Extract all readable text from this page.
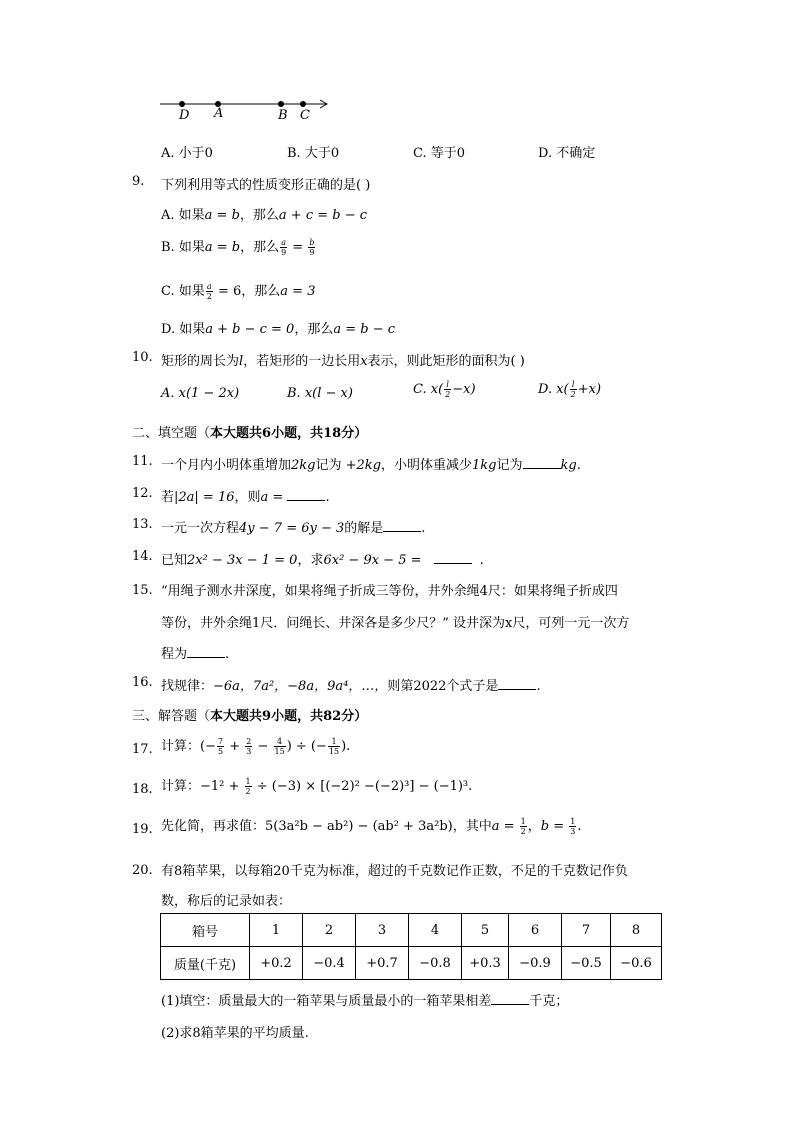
D A	B C
A. 小于0	B. 大于0	C. 等于0	D. 不确定
9.	下列利用等式的性质变形正确的是( )
A. 如果a = b，那么a + c = b − c
B. 如果a = b，那么 $\frac{a}{9} = \frac{b}{9}$
C. 如果 $\frac{a}{2} = 6$，那么a = 3
D. 如果a + b − c = 0，那么a = b − c
10. 矩形的周长为l，若矩形的一边长用x表示，则此矩形的面积为( )
A. x(1 − 2x)	B. x(l − x)	C. $x( \frac{l}{2} -x)$	D. $x( \frac{l}{2} +x)$
二、填空题（本大题共6小题，共18分）
11. 一个月内小明体重增加2kg记为 +2kg，小明体重减少1kg记为	kg.
12. 若|2a| = 16，则a =	.
13. 一元一次方程4y − 7 = 6y − 3的解是	.
14. 已知2x² − 3x − 1 = 0，求6x² − 9x − 5 =	.
15. “用绳子测水井深度，如果将绳子折成三等份，井外余绳4尺：如果将绳子折成四
等份，井外余绳1尺．问绳长、井深各是多少尺？” 设井深为x尺，可列一元一次方
程为	.
16. 找规律：−6a，7a²，−8a，9a⁴，…，则第2022个式子是	.
三、解答题（本大题共9小题，共82分）
17. 计算：(− $\frac{7}{5} + \frac{2}{3} - \frac{4}{15}$ ) ÷ (− $\frac{1}{15}$ ).
18. 计算：$-1^2 + \frac{1}{2} \div (-3) \times [(-2)^2 -(-2)^3] - (-1)^3$.
19. 先化简，再求值：5(3a²b − ab²) − (ab² + 3a²b)，其中$a = \frac{1}{2}$ ，$b = \frac{1}{3}$ .
20. 有8箱苹果，以每箱20千克为标准，超过的千克数记作正数，不足的千克数记作负
数，称后的记录如表：
箱号	1	2	3	4	5	6	7	8
质量(千克)	+0.2	−0.4	+0.7	−0.8	+0.3	−0.9	−0.5	−0.6
(1)填空：质量最大的一箱苹果与质量最小的一箱苹果相差	千克；
(2)求8箱苹果的平均质量.
